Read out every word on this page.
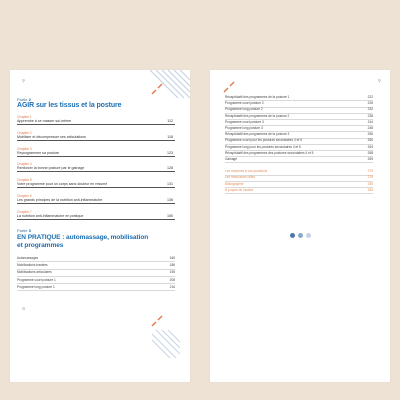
⚲	⚲
⊖
Partie 2
AGIR sur les tissus et la posture
Chapitre 1
Apprendre à se masser soi-même	112
Chapitre 2
Mobiliser et décompresser ses articulations	118
Chapitre 3
Reprogrammer sa posture	123
Chapitre 4
Renforcer la bonne posture par le gainage	128
Chapitre 5
Votre programme pour un corps sans douleur en résumé	131
Chapitre 6
Les grands principes de la nutrition anti-inflammatoire	136
Chapitre 7
La nutrition anti-inflammatoire en pratique	150
Partie 3
EN PRATIQUE : automassage, mobilisation
et programmes
Automassages	166
Mobilisations tractées	186
Mobilisations articulaires	196
Programme court posture 1	208
Programme long posture 1	216
Récapitulatif des programmes de la posture 1	222
Programme court posture 2	226
Programme long posture 2	232
Récapitulatif des programmes de la posture 2	238
Programme court posture 3	244
Programme long posture 3	248
Récapitulatif des programmes de la posture 3	256
Programme court pour les postures secondaires 4 et 5	260
Programme long pour les postures secondaires 4 et 5	264
Récapitulatif des programmes des postures secondaires 4 et 5	268
Gainage	269
Les réponses à vos questions	270
Les ressources utiles	278
Bibliographie	280
À propos de l'auteur	283
